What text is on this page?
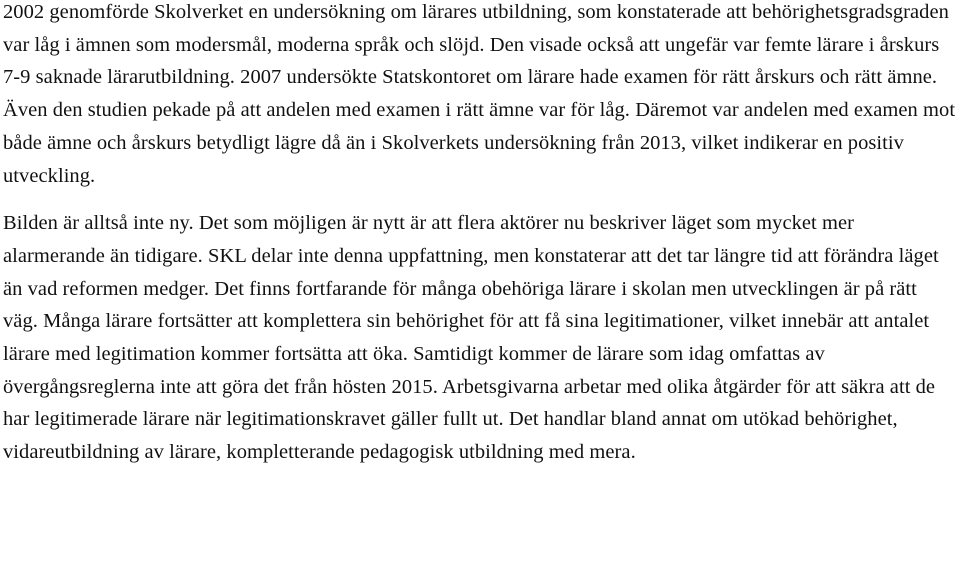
2002 genomförde Skolverket en undersökning om lärares utbildning, som konstaterade att behörighetsgradsgraden var låg i ämnen som modersmål, moderna språk och slöjd. Den visade också att ungefär var femte lärare i årskurs 7-9 saknade lärarutbildning. 2007 undersökte Statskontoret om lärare hade examen för rätt årskurs och rätt ämne. Även den studien pekade på att andelen med examen i rätt ämne var för låg. Däremot var andelen med examen mot både ämne och årskurs betydligt lägre då än i Skolverkets undersökning från 2013, vilket indikerar en positiv utveckling.

Bilden är alltså inte ny. Det som möjligen är nytt är att flera aktörer nu beskriver läget som mycket mer alarmerande än tidigare. SKL delar inte denna uppfattning, men konstaterar att det tar längre tid att förändra läget än vad reformen medger. Det finns fortfarande för många obehöriga lärare i skolan men utvecklingen är på rätt väg. Många lärare fortsätter att komplettera sin behörighet för att få sina legitimationer, vilket innebär att antalet lärare med legitimation kommer fortsätta att öka. Samtidigt kommer de lärare som idag omfattas av övergångsreglerna inte att göra det från hösten 2015. Arbetsgivarna arbetar med olika åtgärder för att säkra att de har legitimerade lärare när legitimationskravet gäller fullt ut. Det handlar bland annat om utökad behörighet, vidareutbildning av lärare, kompletterande pedagogisk utbildning med mera.
